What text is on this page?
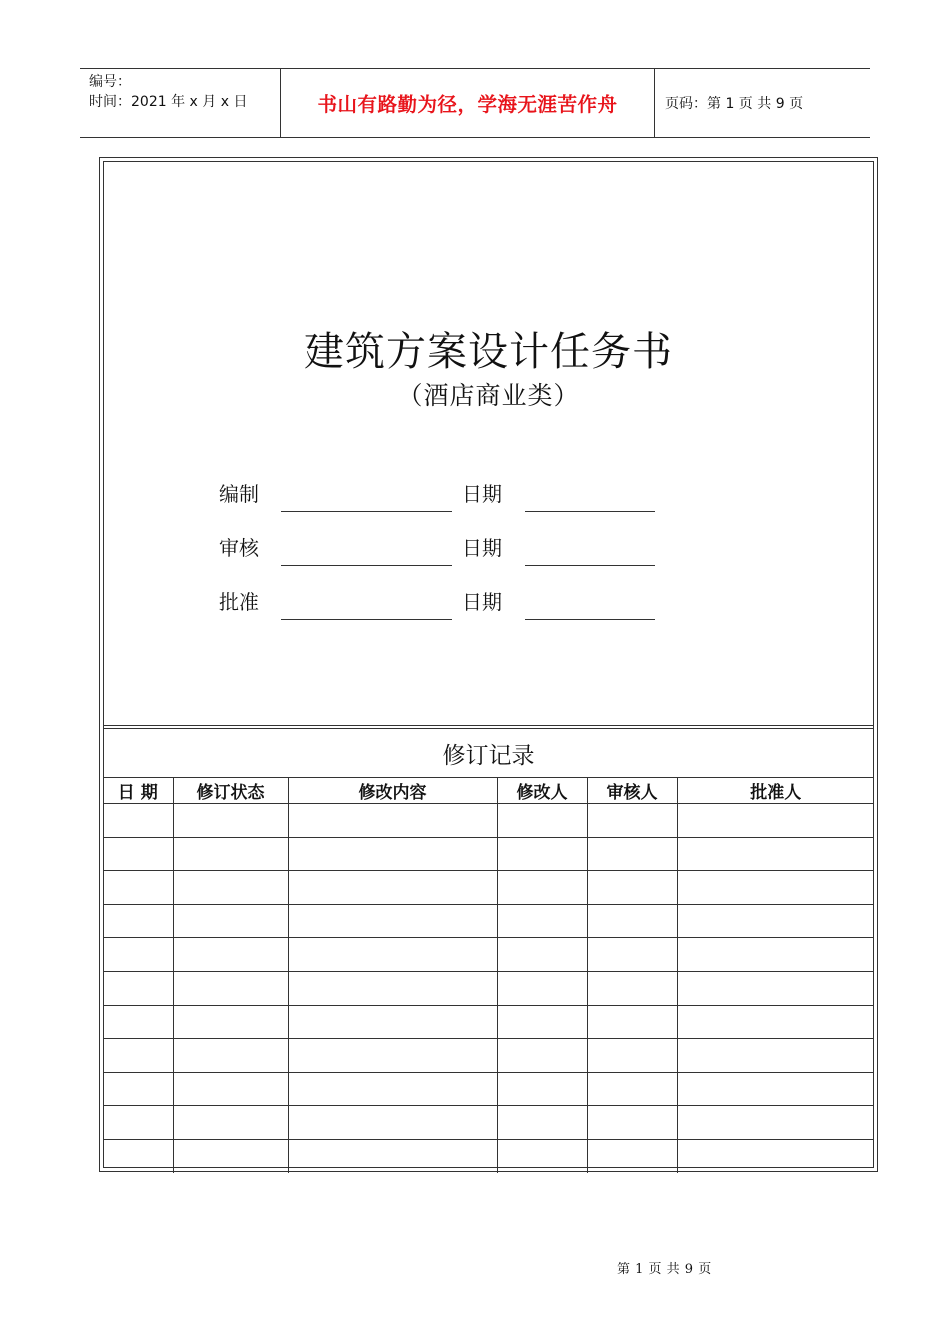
编号：
时间：2021 年 x 月 x 日	书山有路勤为径，学海无涯苦作舟	页码：第 1 页 共 9 页
建筑方案设计任务书
（酒店商业类）
编制	日期
审核	日期
批准	日期
修订记录
日 期	修订状态	修改内容	修改人	审核人	批准人

第 1 页 共 9 页
